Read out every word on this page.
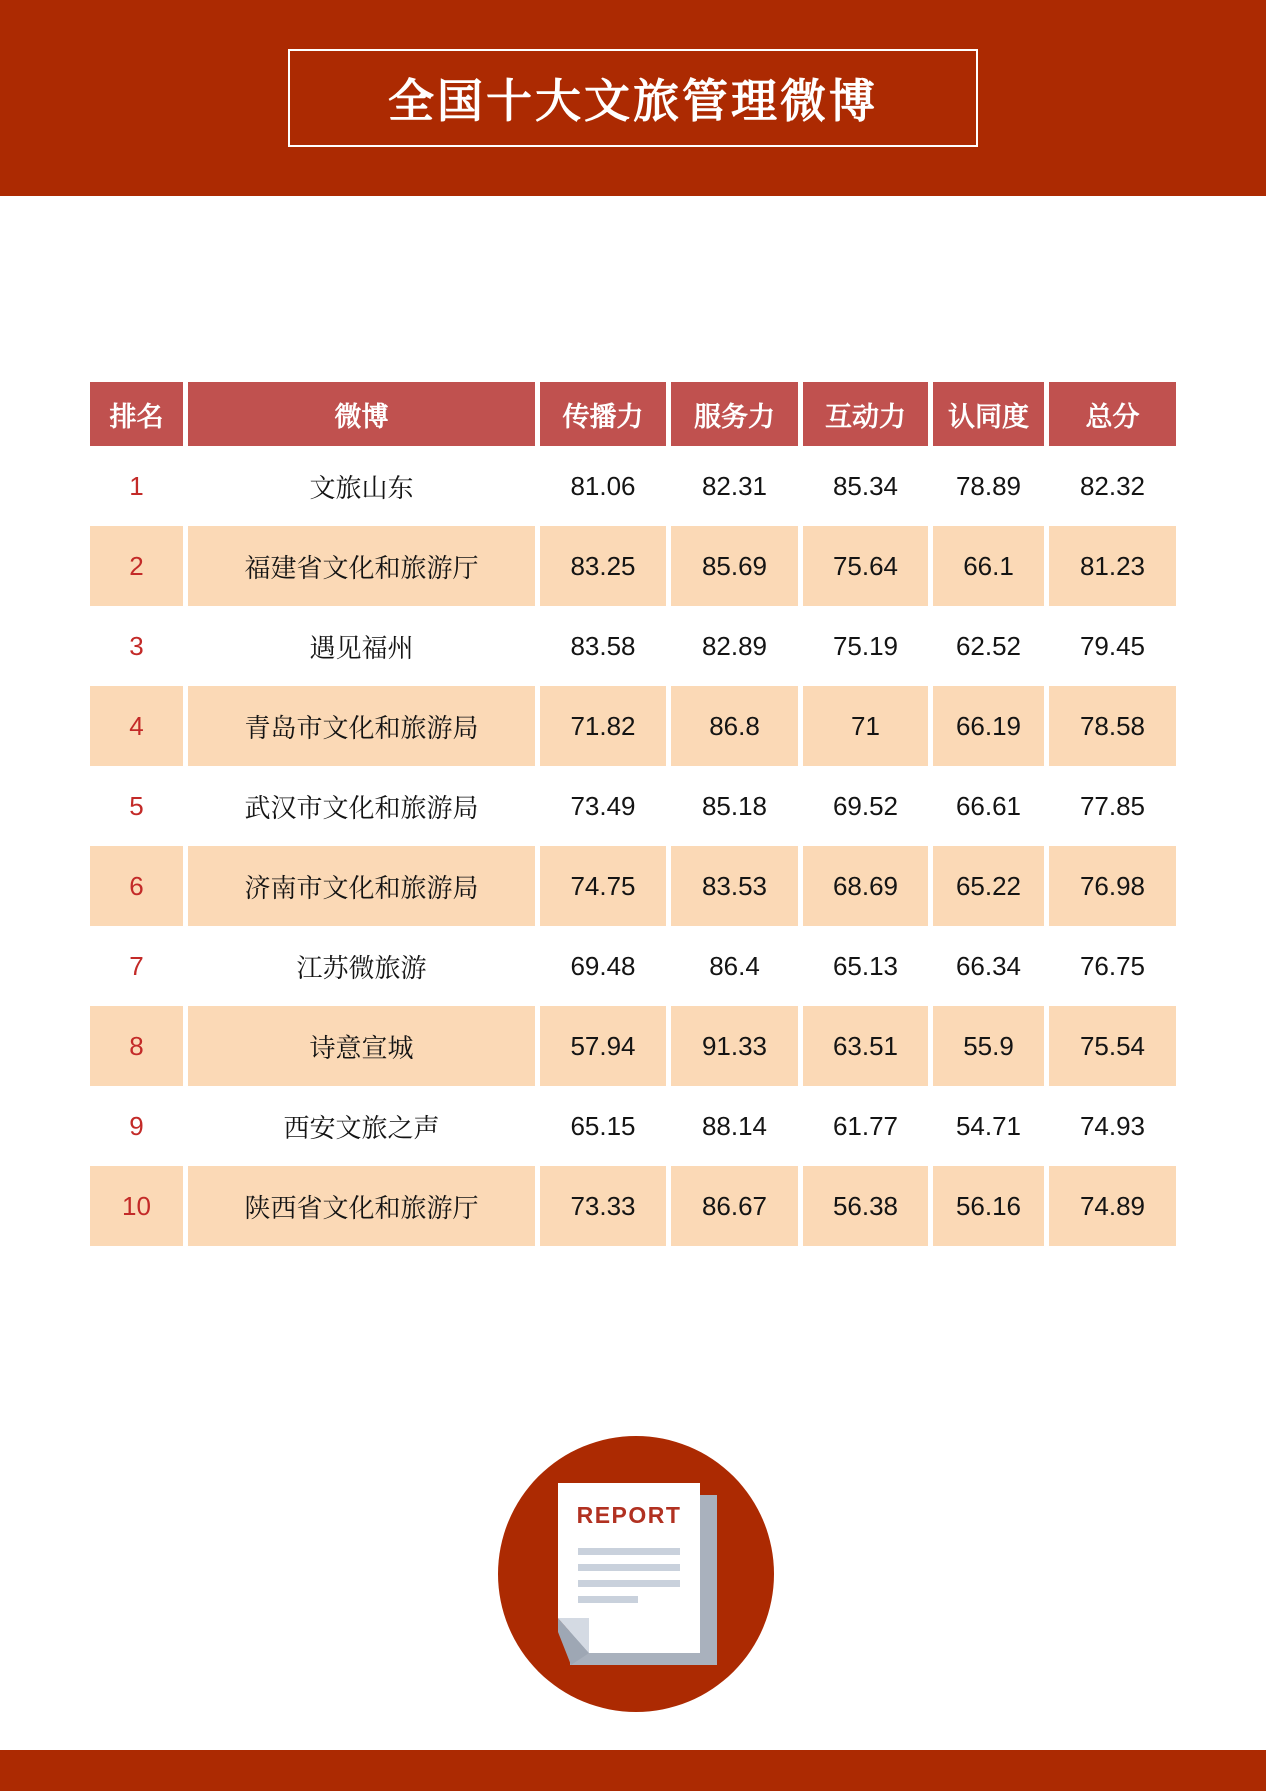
全国十大文旅管理微博
排名	微博	传播力	服务力	互动力	认同度	总分
1	文旅山东	81.06	82.31	85.34	78.89	82.32
2	福建省文化和旅游厅	83.25	85.69	75.64	66.1	81.23
3	遇见福州	83.58	82.89	75.19	62.52	79.45
4	青岛市文化和旅游局	71.82	86.8	71	66.19	78.58
5	武汉市文化和旅游局	73.49	85.18	69.52	66.61	77.85
6	济南市文化和旅游局	74.75	83.53	68.69	65.22	76.98
7	江苏微旅游	69.48	86.4	65.13	66.34	76.75
8	诗意宣城	57.94	91.33	63.51	55.9	75.54
9	西安文旅之声	65.15	88.14	61.77	54.71	74.93
10	陕西省文化和旅游厅	73.33	86.67	56.38	56.16	74.89
REPORT
